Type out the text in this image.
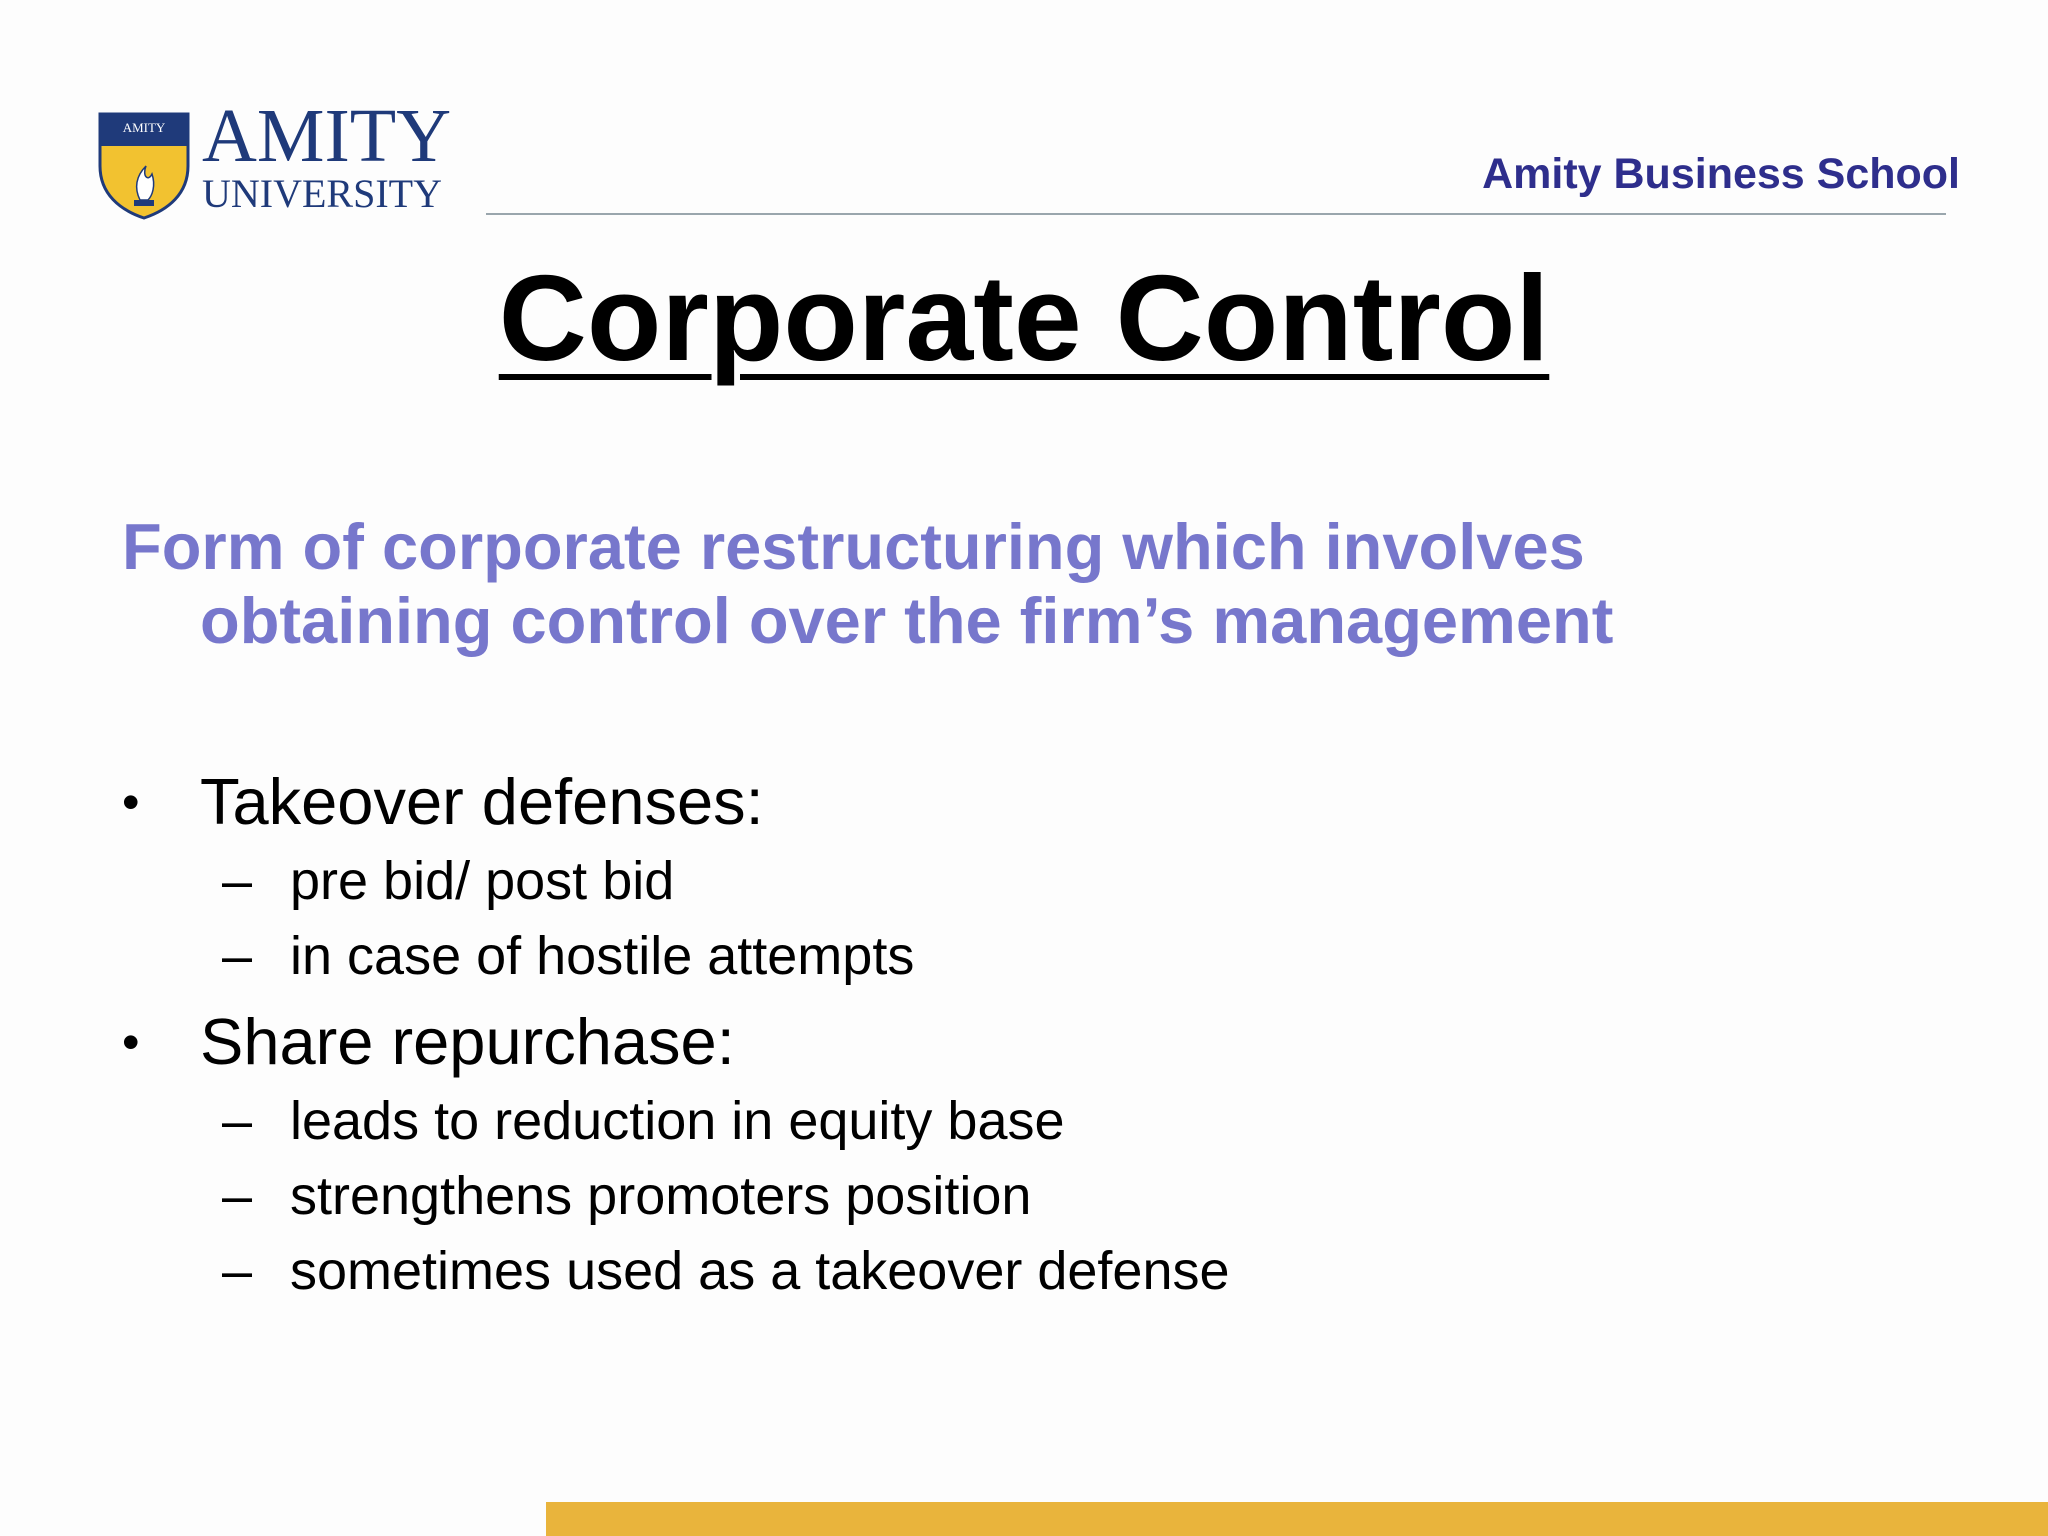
AMITY AMITY
UNIVERSITY	Amity Business School
Corporate Control
Form of corporate restructuring which involves obtaining control over the firm’s management
• Takeover defenses:
– pre bid/ post bid
– in case of hostile attempts
• Share repurchase:
– leads to reduction in equity base
– strengthens promoters position
– sometimes used as a takeover defense
